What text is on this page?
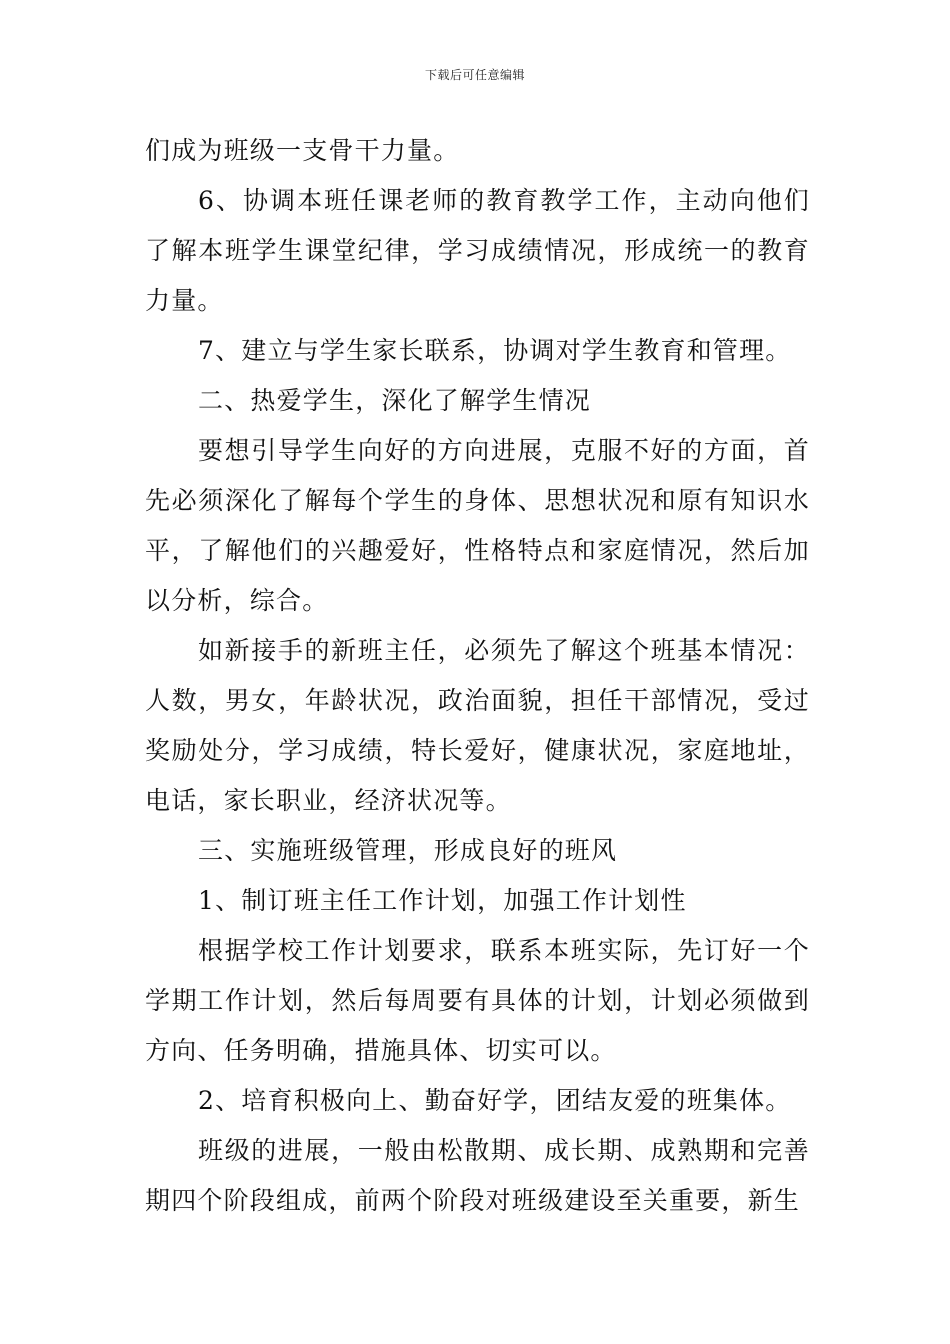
下载后可任意编辑

们成为班级一支骨干力量。

6、协调本班任课老师的教育教学工作，主动向他们了解本班学生课堂纪律，学习成绩情况，形成统一的教育力量。

7、建立与学生家长联系，协调对学生教育和管理。

二、热爱学生，深化了解学生情况

要想引导学生向好的方向进展，克服不好的方面，首先必须深化了解每个学生的身体、思想状况和原有知识水平，了解他们的兴趣爱好，性格特点和家庭情况，然后加以分析，综合。

如新接手的新班主任，必须先了解这个班基本情况：人数，男女，年龄状况，政治面貌，担任干部情况，受过奖励处分，学习成绩，特长爱好，健康状况，家庭地址，电话，家长职业，经济状况等。

三、实施班级管理，形成良好的班风

1、制订班主任工作计划，加强工作计划性

根据学校工作计划要求，联系本班实际，先订好一个学期工作计划，然后每周要有具体的计划，计划必须做到方向、任务明确，措施具体、切实可以。

2、培育积极向上、勤奋好学，团结友爱的班集体。

班级的进展，一般由松散期、成长期、成熟期和完善期四个阶段组成，前两个阶段对班级建设至关重要，新生
